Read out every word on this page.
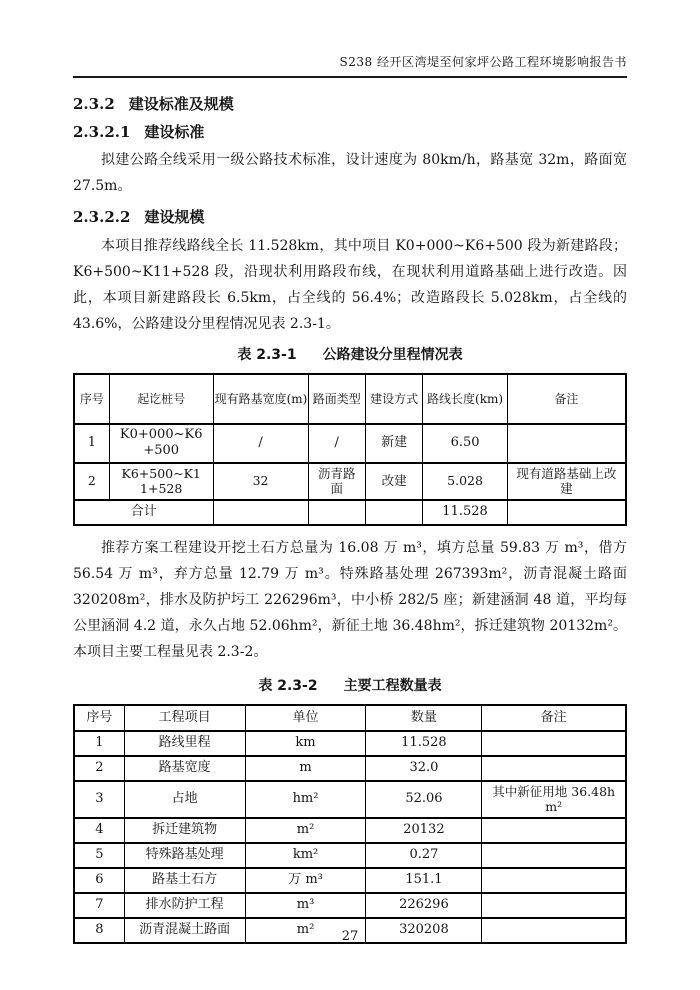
S238 经开区湾堤至何家坪公路工程环境影响报告书
2.3.2 建设标准及规模
2.3.2.1 建设标准
拟建公路全线采用一级公路技术标准，设计速度为 80km/h，路基宽 32m，路面宽 27.5m。
2.3.2.2 建设规模
本项目推荐线路线全长 11.528km，其中项目 K0+000~K6+500 段为新建路段；K6+500~K11+528 段，沿现状利用路段布线，在现状利用道路基础上进行改造。因此，本项目新建路段长 6.5km，占全线的 56.4%；改造路段长 5.028km，占全线的 43.6%，公路建设分里程情况见表 2.3-1。
表 2.3-1 公路建设分里程情况表
序号	起讫桩号	现有路基宽度(m)	路面类型	建设方式	路线长度(km)	备注
1	K0+000~K6+500	/	/	新建	6.50	
2	K6+500~K11+528	32	沥青路面	改建	5.028	现有道路基础上改建
合计					11.528	
推荐方案工程建设开挖土石方总量为 16.08 万 m³，填方总量 59.83 万 m³，借方 56.54 万 m³，弃方总量 12.79 万 m³。特殊路基处理 267393m²，沥青混凝土路面 320208m²，排水及防护圬工 226296m³，中小桥 282/5 座；新建涵洞 48 道，平均每公里涵洞 4.2 道，永久占地 52.06hm²，新征土地 36.48hm²，拆迁建筑物 20132m²。本项目主要工程量见表 2.3-2。
表 2.3-2 主要工程数量表
序号	工程项目	单位	数量	备注
1	路线里程	km	11.528	
2	路基宽度	m	32.0	
3	占地	hm²	52.06	其中新征用地 36.48hm²
4	拆迁建筑物	m²	20132	
5	特殊路基处理	km²	0.27	
6	路基土石方	万 m³	151.1	
7	排水防护工程	m³	226296	
8	沥青混凝土路面	m²	320208	
27
